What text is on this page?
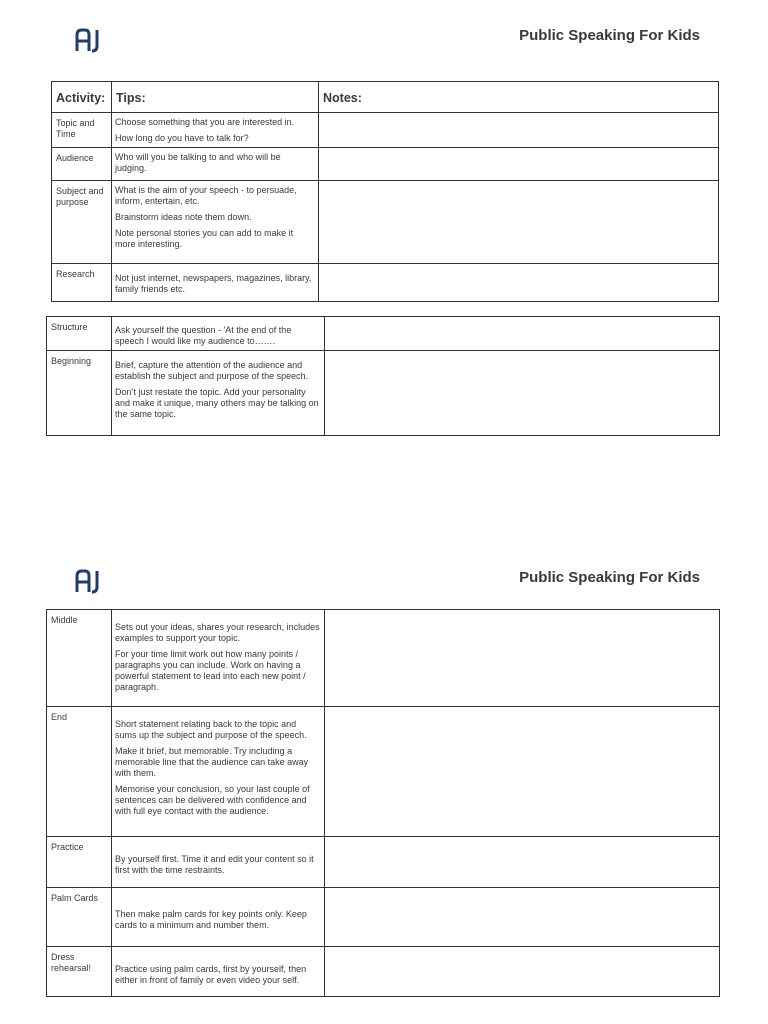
Public Speaking For Kids
Activity:	Tips:	Notes:
Topic and Time	Choose something that you are interested in.

How long do you have to talk for?	

Audience	Who will you be talking to and who will be judging.	

Subject and purpose	What is the aim of your speech - to persuade, inform, entertain, etc.

Brainstorm ideas note them down.

Note personal stories you can add to make it more interesting.	

Research	Not just internet, newspapers, magazines, library, family friends etc.	

Structure	Ask yourself the question - 'At the end of the speech I would like my audience to…….	

Beginning	Brief, capture the attention of the audience and establish the subject and purpose of the speech.

Don’t just restate the topic. Add your personality and make it unique, many others may be talking on the same topic.	

Public Speaking For Kids
Middle	Sets out your ideas, shares your research, includes examples to support your topic.

For your time limit work out how many points / paragraphs you can include. Work on having a powerful statement to lead into each new point / paragraph.	

End	Short statement relating back to the topic and sums up the subject and purpose of the speech.

Make it brief, but memorable. Try including a memorable line that the audience can take away with them.

Memorise your conclusion, so your last couple of sentences can be delivered with confidence and with full eye contact with the audience.	

Practice	By yourself first. Time it and edit your content so it first with the time restraints.	

Palm Cards	Then make palm cards for key points only. Keep cards to a minimum and number them.	

Dress rehearsal!	Practice using palm cards, first by yourself, then either in front of family or even video your self.	
